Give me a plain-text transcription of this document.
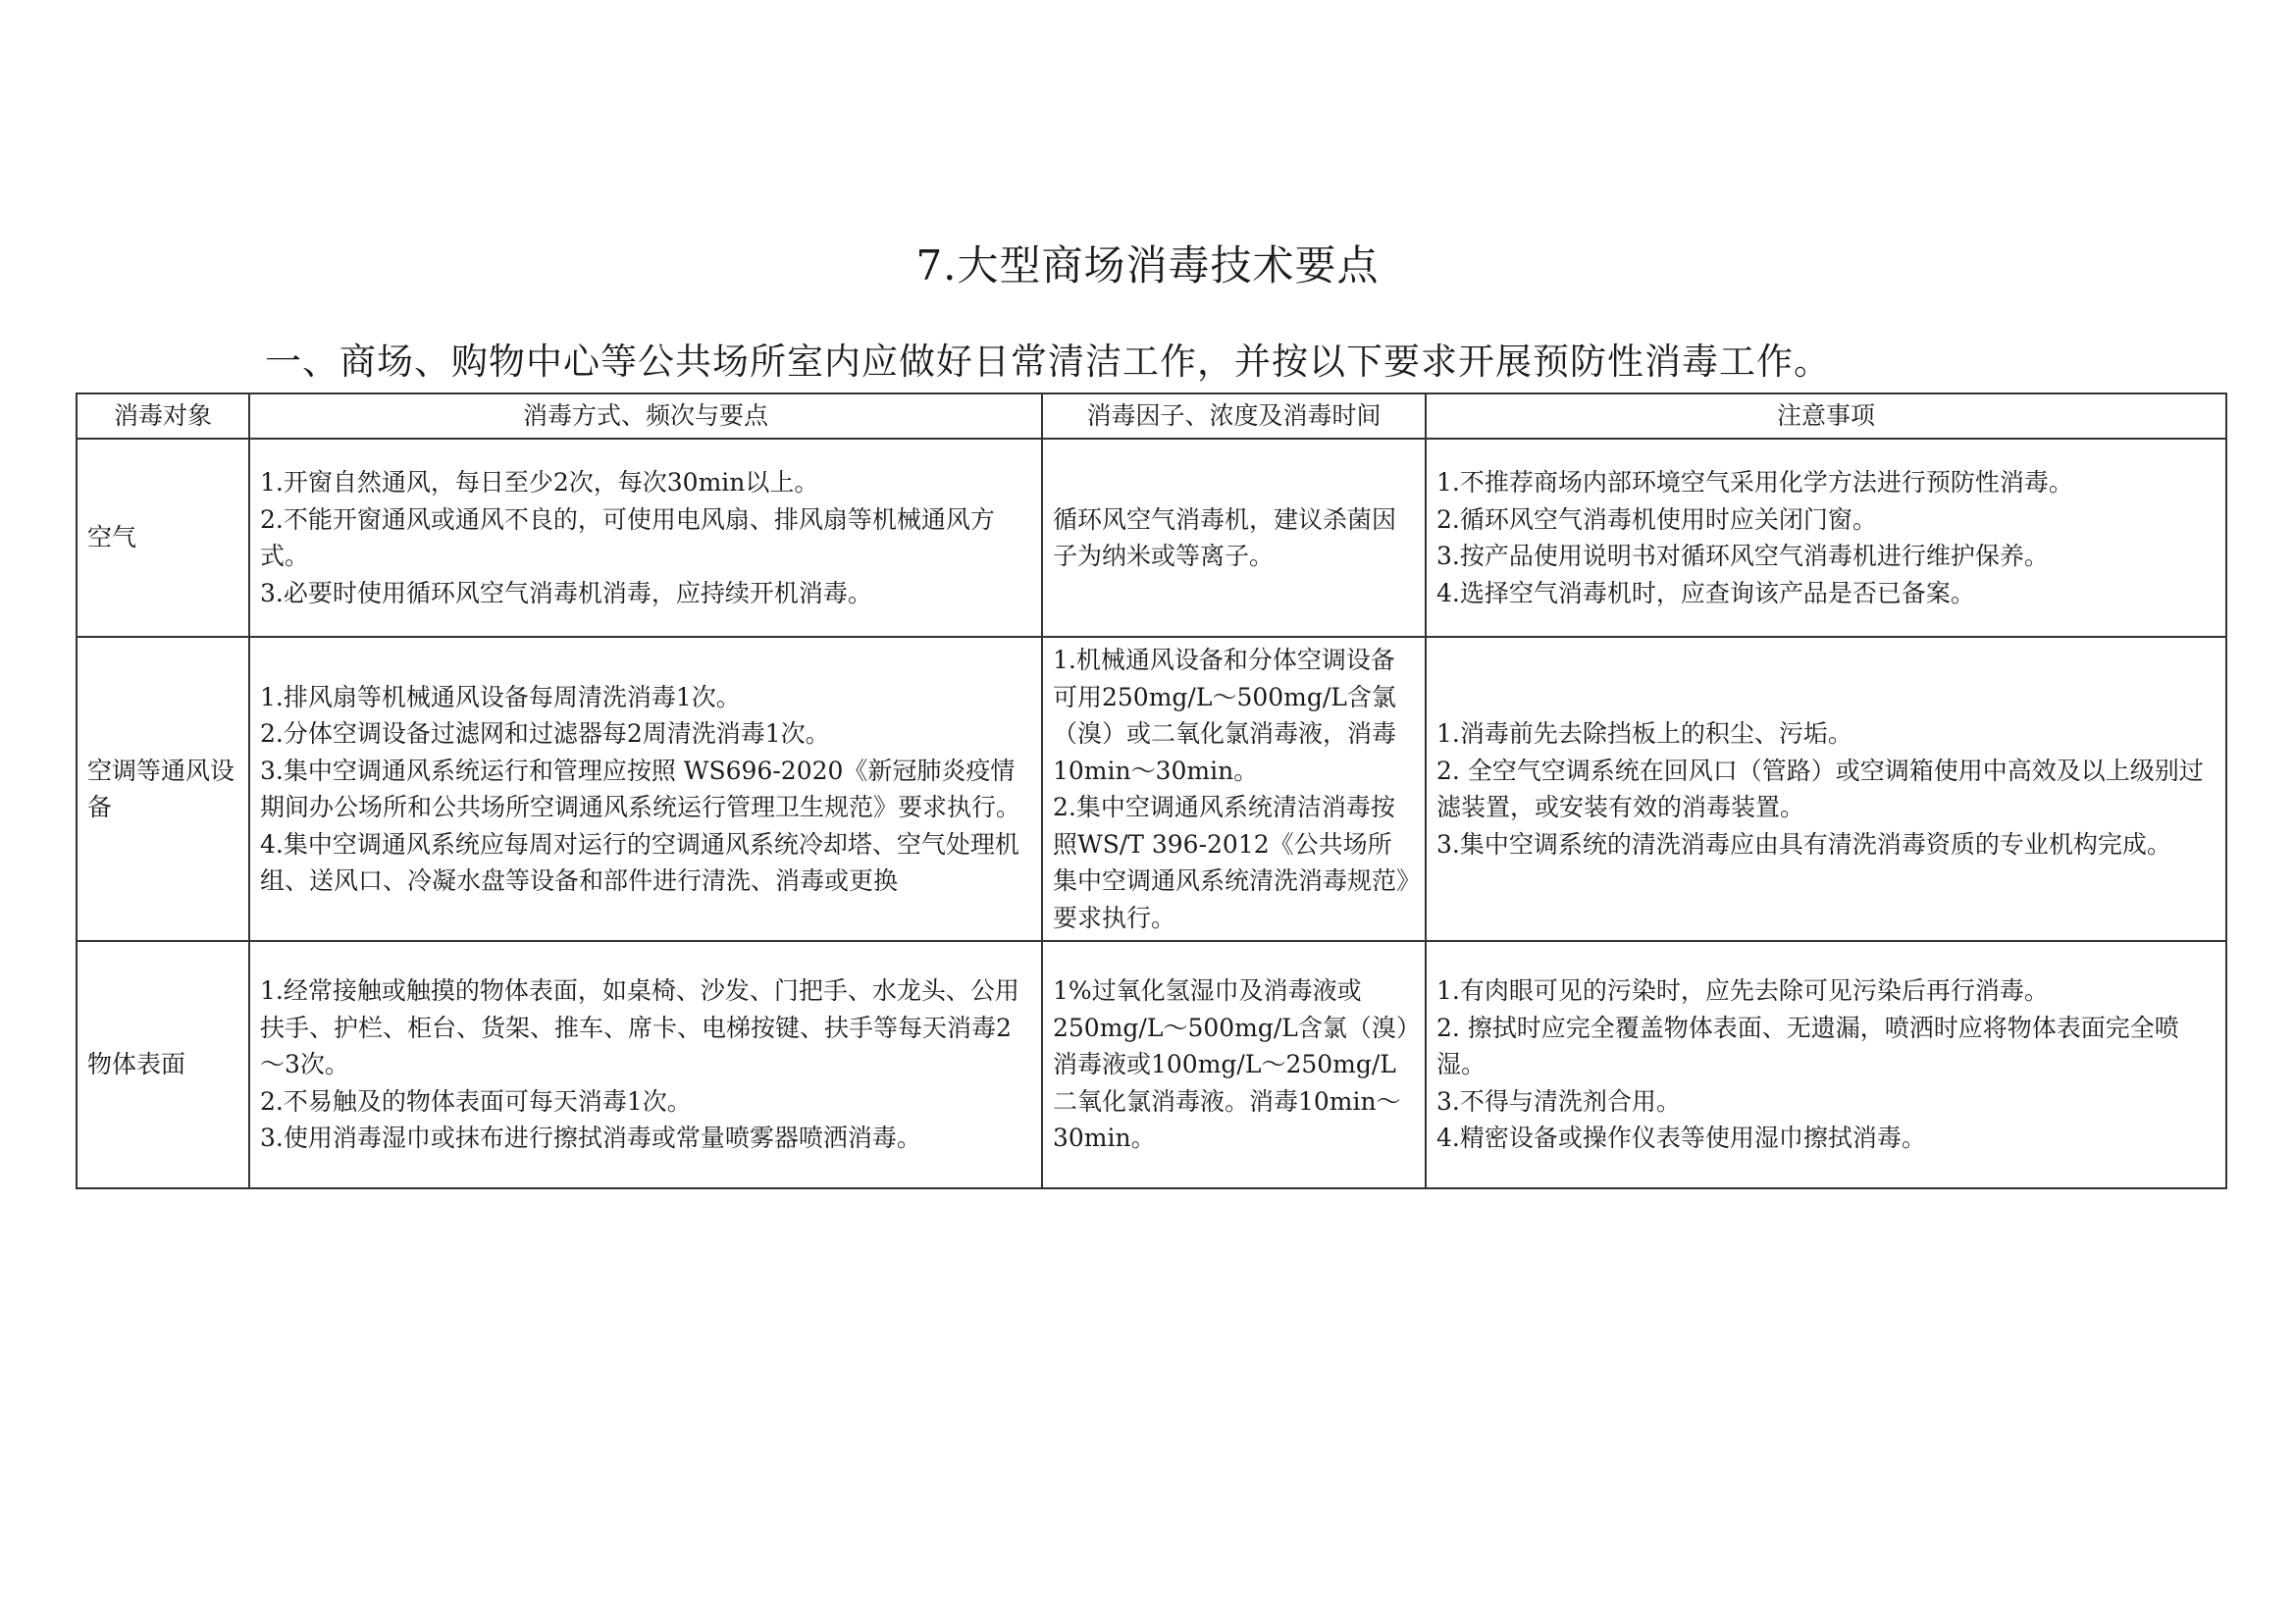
7.大型商场消毒技术要点
一、商场、购物中心等公共场所室内应做好日常清洁工作，并按以下要求开展预防性消毒工作。
消毒对象	消毒方式、频次与要点	消毒因子、浓度及消毒时间	注意事项
空气	1.开窗自然通风，每日至少2次，每次30min以上。
2.不能开窗通风或通风不良的，可使用电风扇、排风扇等机械通风方式。
3.必要时使用循环风空气消毒机消毒，应持续开机消毒。	循环风空气消毒机，建议杀菌因子为纳米或等离子。	1.不推荐商场内部环境空气采用化学方法进行预防性消毒。
2.循环风空气消毒机使用时应关闭门窗。
3.按产品使用说明书对循环风空气消毒机进行维护保养。
4.选择空气消毒机时，应查询该产品是否已备案。

空调等通风设备	1.排风扇等机械通风设备每周清洗消毒1次。
2.分体空调设备过滤网和过滤器每2周清洗消毒1次。
3.集中空调通风系统运行和管理应按照 WS696-2020《新冠肺炎疫情期间办公场所和公共场所空调通风系统运行管理卫生规范》要求执行。
4.集中空调通风系统应每周对运行的空调通风系统冷却塔、空气处理机组、送风口、冷凝水盘等设备和部件进行清洗、消毒或更换	1.机械通风设备和分体空调设备可用250mg/L～500mg/L含氯（溴）或二氧化氯消毒液，消毒10min～30min。
2.集中空调通风系统清洁消毒按照WS/T 396-2012《公共场所集中空调通风系统清洗消毒规范》要求执行。	1.消毒前先去除挡板上的积尘、污垢。
2. 全空气空调系统在回风口（管路）或空调箱使用中高效及以上级别过滤装置，或安装有效的消毒装置。
3.集中空调系统的清洗消毒应由具有清洗消毒资质的专业机构完成。

物体表面	1.经常接触或触摸的物体表面，如桌椅、沙发、门把手、水龙头、公用扶手、护栏、柜台、货架、推车、席卡、电梯按键、扶手等每天消毒2～3次。
2.不易触及的物体表面可每天消毒1次。
3.使用消毒湿巾或抹布进行擦拭消毒或常量喷雾器喷洒消毒。	1%过氧化氢湿巾及消毒液或250mg/L～500mg/L含氯（溴）消毒液或100mg/L～250mg/L二氧化氯消毒液。消毒10min～30min。	1.有肉眼可见的污染时，应先去除可见污染后再行消毒。
2. 擦拭时应完全覆盖物体表面、无遗漏，喷洒时应将物体表面完全喷湿。
3.不得与清洗剂合用。
4.精密设备或操作仪表等使用湿巾擦拭消毒。
